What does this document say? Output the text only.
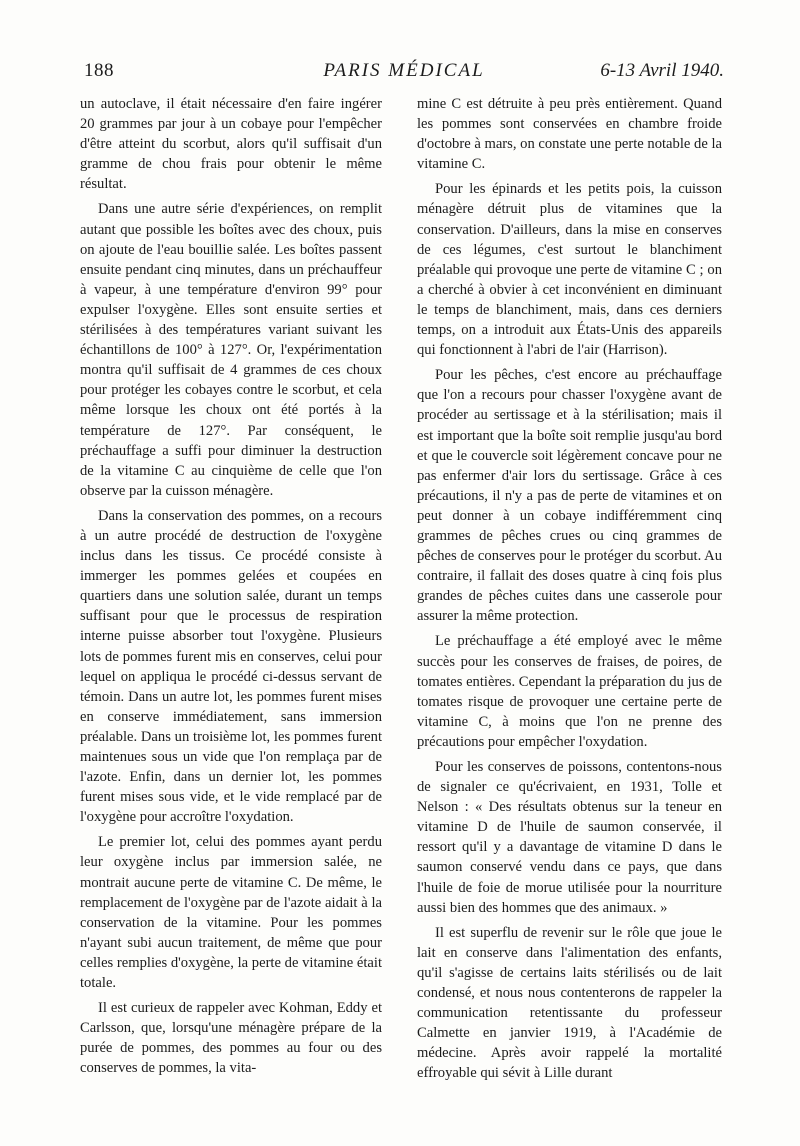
188	PARIS MÉDICAL	6-13 Avril 1940.

un autoclave, il était nécessaire d'en faire ingérer 20 grammes par jour à un cobaye pour l'empêcher d'être atteint du scorbut, alors qu'il suffisait d'un gramme de chou frais pour obtenir le même résultat.

Dans une autre série d'expériences, on remplit autant que possible les boîtes avec des choux, puis on ajoute de l'eau bouillie salée. Les boîtes passent ensuite pendant cinq minutes, dans un préchauffeur à vapeur, à une température d'environ 99° pour expulser l'oxygène. Elles sont ensuite serties et stérilisées à des températures variant suivant les échantillons de 100° à 127°. Or, l'expérimentation montra qu'il suffisait de 4 grammes de ces choux pour protéger les cobayes contre le scorbut, et cela même lorsque les choux ont été portés à la température de 127°. Par conséquent, le préchauffage a suffi pour diminuer la destruction de la vitamine C au cinquième de celle que l'on observe par la cuisson ménagère.

Dans la conservation des pommes, on a recours à un autre procédé de destruction de l'oxygène inclus dans les tissus. Ce procédé consiste à immerger les pommes gelées et coupées en quartiers dans une solution salée, durant un temps suffisant pour que le processus de respiration interne puisse absorber tout l'oxygène. Plusieurs lots de pommes furent mis en conserves, celui pour lequel on appliqua le procédé ci-dessus servant de témoin. Dans un autre lot, les pommes furent mises en conserve immédiatement, sans immersion préalable. Dans un troisième lot, les pommes furent maintenues sous un vide que l'on remplaça par de l'azote. Enfin, dans un dernier lot, les pommes furent mises sous vide, et le vide remplacé par de l'oxygène pour accroître l'oxydation.

Le premier lot, celui des pommes ayant perdu leur oxygène inclus par immersion salée, ne montrait aucune perte de vitamine C. De même, le remplacement de l'oxygène par de l'azote aidait à la conservation de la vitamine. Pour les pommes n'ayant subi aucun traitement, de même que pour celles remplies d'oxygène, la perte de vitamine était totale.

Il est curieux de rappeler avec Kohman, Eddy et Carlsson, que, lorsqu'une ménagère prépare de la purée de pommes, des pommes au four ou des conserves de pommes, la vita-

mine C est détruite à peu près entièrement. Quand les pommes sont conservées en chambre froide d'octobre à mars, on constate une perte notable de la vitamine C.

Pour les épinards et les petits pois, la cuisson ménagère détruit plus de vitamines que la conservation. D'ailleurs, dans la mise en conserves de ces légumes, c'est surtout le blanchiment préalable qui provoque une perte de vitamine C ; on a cherché à obvier à cet inconvénient en diminuant le temps de blanchiment, mais, dans ces derniers temps, on a introduit aux États-Unis des appareils qui fonctionnent à l'abri de l'air (Harrison).

Pour les pêches, c'est encore au préchauffage que l'on a recours pour chasser l'oxygène avant de procéder au sertissage et à la stérilisation; mais il est important que la boîte soit remplie jusqu'au bord et que le couvercle soit légèrement concave pour ne pas enfermer d'air lors du sertissage. Grâce à ces précautions, il n'y a pas de perte de vitamines et on peut donner à un cobaye indifféremment cinq grammes de pêches crues ou cinq grammes de pêches de conserves pour le protéger du scorbut. Au contraire, il fallait des doses quatre à cinq fois plus grandes de pêches cuites dans une casserole pour assurer la même protection.

Le préchauffage a été employé avec le même succès pour les conserves de fraises, de poires, de tomates entières. Cependant la préparation du jus de tomates risque de provoquer une certaine perte de vitamine C, à moins que l'on ne prenne des précautions pour empêcher l'oxydation.

Pour les conserves de poissons, contentons-nous de signaler ce qu'écrivaient, en 1931, Tolle et Nelson : « Des résultats obtenus sur la teneur en vitamine D de l'huile de saumon conservée, il ressort qu'il y a davantage de vitamine D dans le saumon conservé vendu dans ce pays, que dans l'huile de foie de morue utilisée pour la nourriture aussi bien des hommes que des animaux. »

Il est superflu de revenir sur le rôle que joue le lait en conserve dans l'alimentation des enfants, qu'il s'agisse de certains laits stérilisés ou de lait condensé, et nous nous contenterons de rappeler la communication retentissante du professeur Calmette en janvier 1919, à l'Académie de médecine. Après avoir rappelé la mortalité effroyable qui sévit à Lille durant
